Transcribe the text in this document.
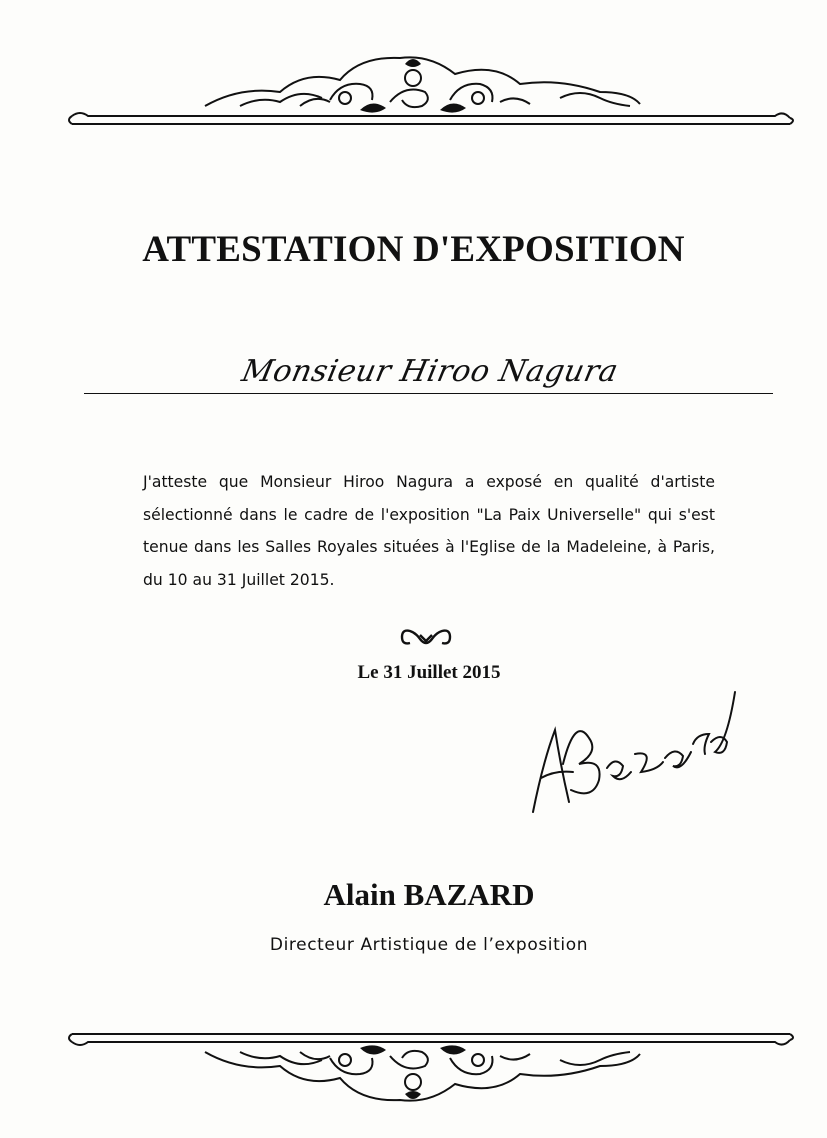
ATTESTATION D'EXPOSITION
Monsieur Hiroo Nagura

J'atteste que Monsieur Hiroo Nagura a exposé en qualité d'artiste sélectionné dans le cadre de l'exposition "La Paix Universelle" qui s'est tenue dans les Salles Royales situées à l'Eglise de la Madeleine, à Paris, du 10 au 31 Juillet 2015.

Le 31 Juillet 2015
Alain BAZARD
Directeur Artistique de l’exposition
